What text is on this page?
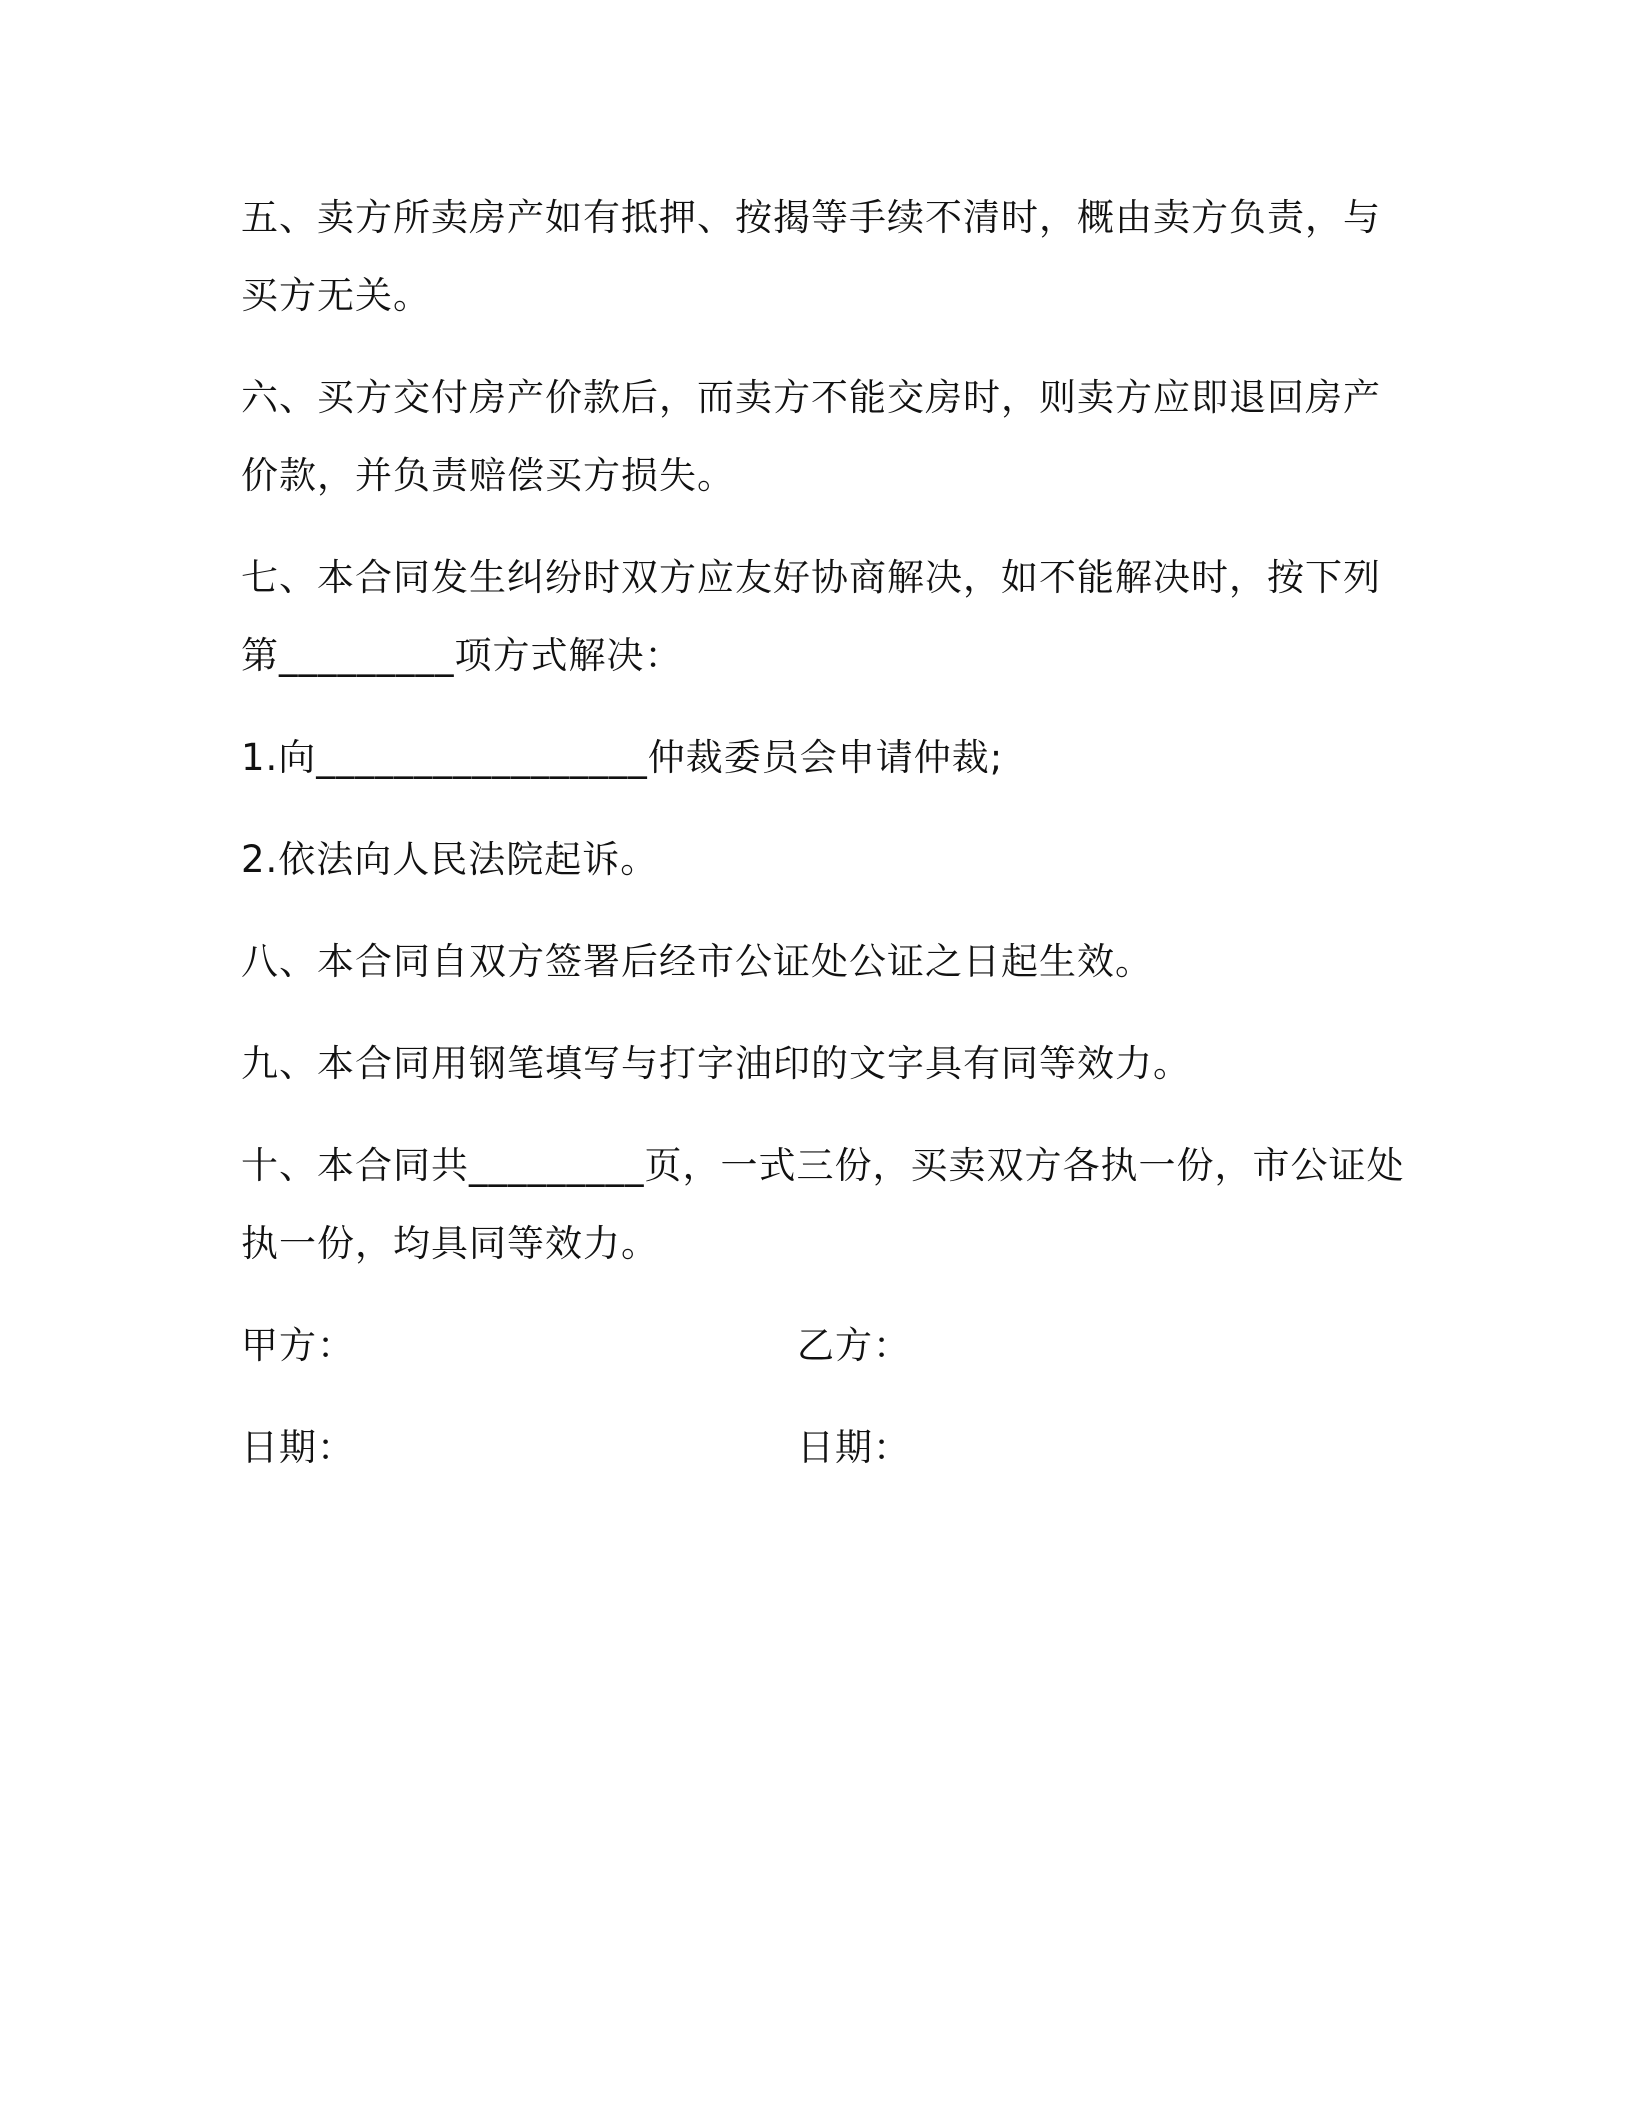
五、卖方所卖房产如有抵押、按揭等手续不清时，概由卖方负责，与
买方无关。
六、买方交付房产价款后，而卖方不能交房时，则卖方应即退回房产
价款，并负责赔偿买方损失。
七、本合同发生纠纷时双方应友好协商解决，如不能解决时，按下列
第_________项方式解决：
1.向_________________仲裁委员会申请仲裁;
2.依法向人民法院起诉。
八、本合同自双方签署后经市公证处公证之日起生效。
九、本合同用钢笔填写与打字油印的文字具有同等效力。
十、本合同共_________页，一式三份，买卖双方各执一份，市公证处
执一份，均具同等效力。
甲方：	乙方：
日期：	日期：
